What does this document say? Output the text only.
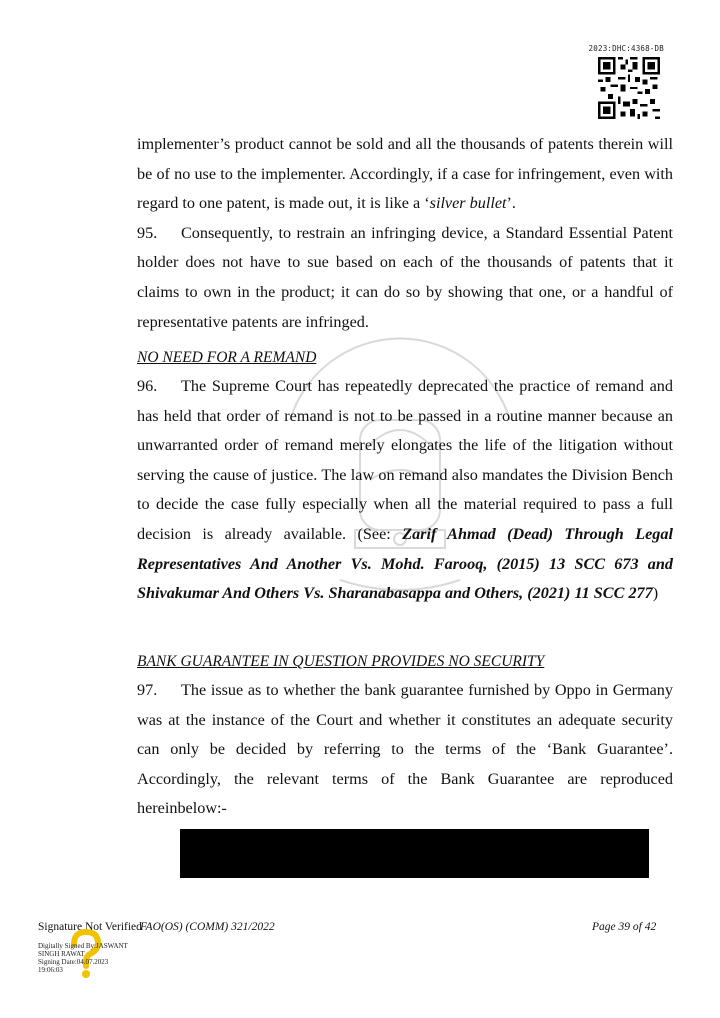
2023:DHC:4368-DB

implementer’s product cannot be sold and all the thousands of patents therein will be of no use to the implementer. Accordingly, if a case for infringement, even with regard to one patent, is made out, it is like a ‘silver bullet’.

95. Consequently, to restrain an infringing device, a Standard Essential Patent holder does not have to sue based on each of the thousands of patents that it claims to own in the product; it can do so by showing that one, or a handful of representative patents are infringed.

NO NEED FOR A REMAND

96. The Supreme Court has repeatedly deprecated the practice of remand and has held that order of remand is not to be passed in a routine manner because an unwarranted order of remand merely elongates the life of the litigation without serving the cause of justice. The law on remand also mandates the Division Bench to decide the case fully especially when all the material required to pass a full decision is already available. (See: Zarif Ahmad (Dead) Through Legal Representatives And Another Vs. Mohd. Farooq, (2015) 13 SCC 673 and Shivakumar And Others Vs. Sharanabasappa and Others, (2021) 11 SCC 277)

BANK GUARANTEE IN QUESTION PROVIDES NO SECURITY

97. The issue as to whether the bank guarantee furnished by Oppo in Germany was at the instance of the Court and whether it constitutes an adequate security can only be decided by referring to the terms of the ‘Bank Guarantee’. Accordingly, the relevant terms of the Bank Guarantee are reproduced hereinbelow:-

Signature Not Verified
FAO(OS) (COMM) 321/2022	Page 39 of 42
Digitally Signed By:JASWANT
SINGH RAWAT
Signing Date:04.07.2023
19:06:03
